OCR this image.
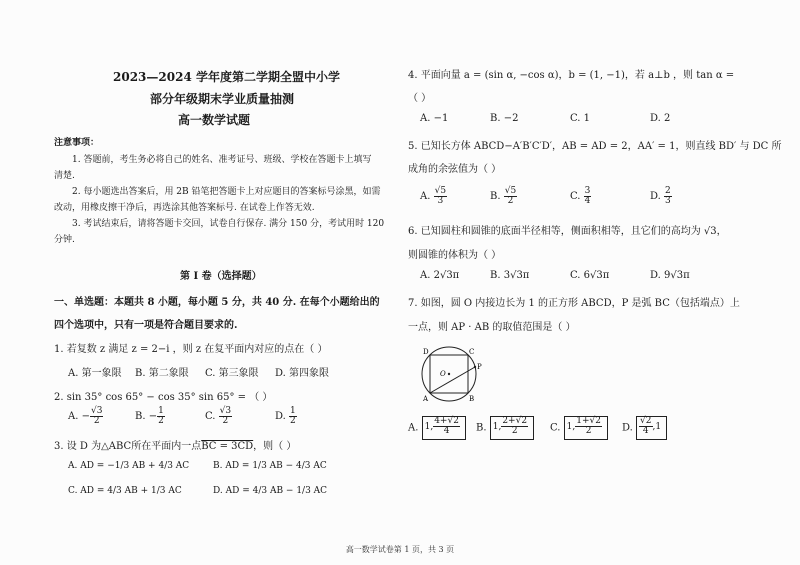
2023—2024 学年度第二学期全盟中小学
部分年级期末学业质量抽测
高一数学试题
注意事项：
1. 答题前，考生务必将自己的姓名、准考证号、班级、学校在答题卡上填写
清楚.
2. 每小题选出答案后，用 2B 铅笔把答题卡上对应题目的答案标号涂黑，如需
改动，用橡皮擦干净后，再选涂其他答案标号. 在试卷上作答无效.
3. 考试结束后，请将答题卡交回，试卷自行保存. 满分 150 分，考试用时 120
分钟.
第 I 卷（选择题）
一、单选题：本题共 8 小题，每小题 5 分，共 40 分. 在每个小题给出的
四个选项中，只有一项是符合题目要求的.
1. 若复数 z 满足 z = 2−i ，则 z 在复平面内对应的点在（ ）
A. 第一象限 B. 第二象限 C. 第三象限 D. 第四象限
2. sin 35° cos 65° − cos 35° sin 65° = （ ）
A. − $\frac{√3}{2}$	B. − $\frac{1}{2}$	C. $\frac{√3}{2}$	D. $\frac{1}{2}$
3. 设 D 为△ABC所在平面内一点BC = 3CD，则（ ）
A. AD = −1/3 AB + 4/3 AC	B. AD = 1/3 AB − 4/3 AC
C. AD = 4/3 AB + 1/3 AC	D. AD = 4/3 AB − 1/3 AC
4. 平面向量 a = (sin α, −cos α)，b = (1, −1)，若 a⊥b ，则 tan α =
（ ）
A. −1	B. −2	C. 1	D. 2
5. 已知长方体 ABCD−A′B′C′D′，AB = AD = 2，AA′ = 1，则直线 BD′ 与 DC 所
成角的余弦值为（ ）
A. $\frac{√5}{3}$	B. $\frac{√5}{2}$	C. $\frac{3}{4}$	D. $\frac{2}{3}$
6. 已知圆柱和圆锥的底面半径相等，侧面积相等，且它们的高均为 √3，
则圆锥的体积为（ ）
A. 2√3π	B. 3√3π	C. 6√3π	D. 9√3π
7. 如图，圆 O 内接边长为 1 的正方形 ABCD，P 是弧 BC（包括端点）上
一点，则 AP · AB 的取值范围是（ ）
D	C
O
P
A	B
A. 1, $\frac{4+√2}{4} B$. 1, $\frac{2+√2}{2} C$. 1, $\frac{1+√2}{2} D$. $\frac{√2}{4} ,1$
高一数学试卷第 1 页，共 3 页
